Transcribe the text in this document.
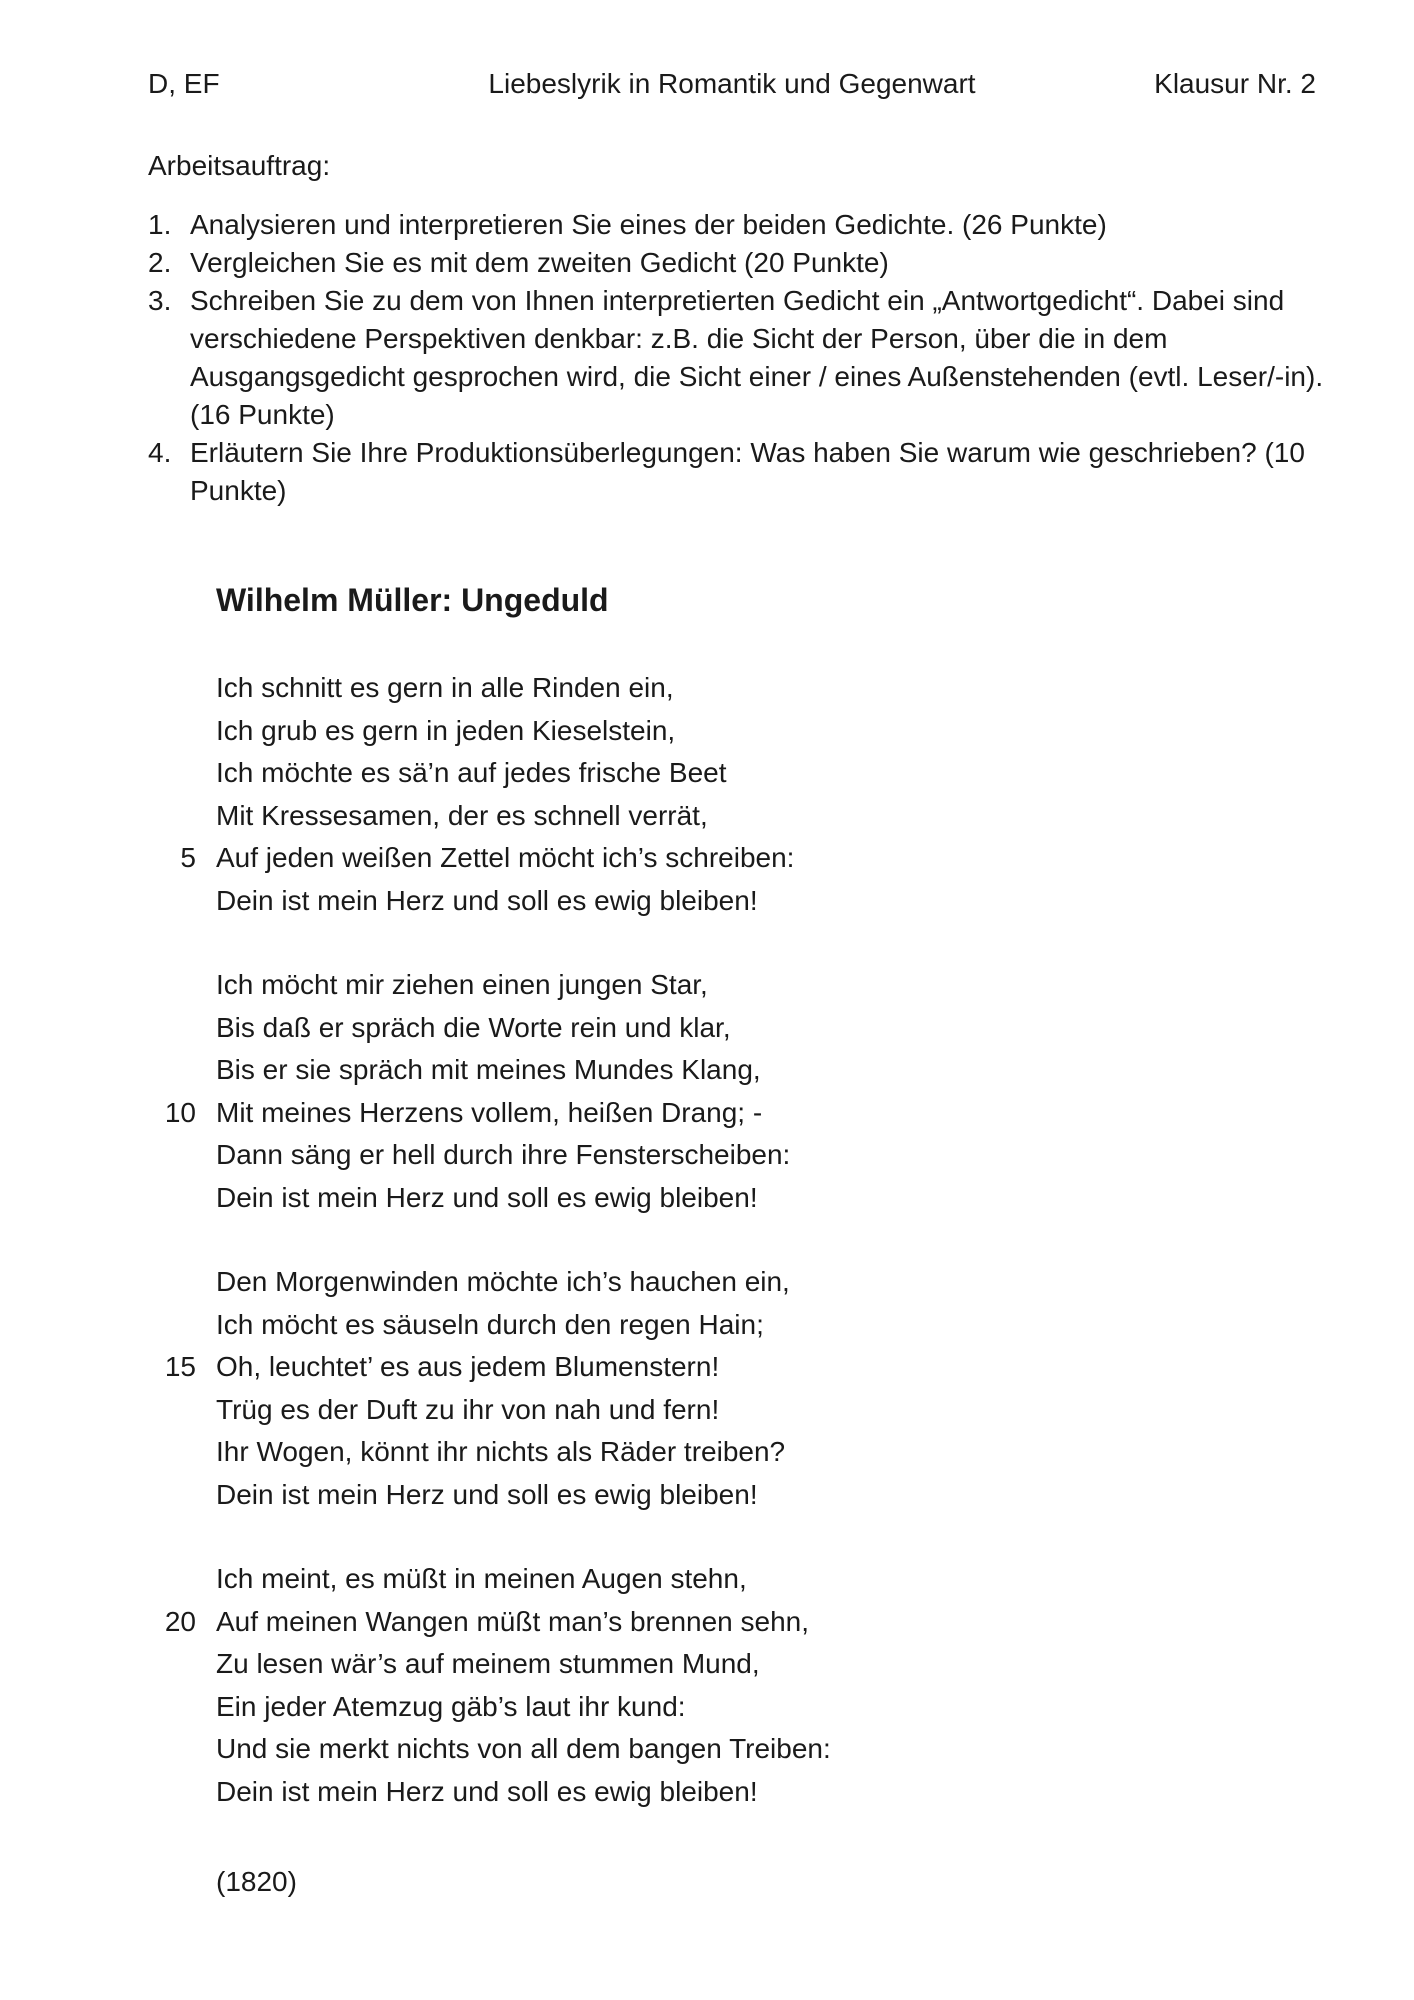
D, EF	Liebeslyrik in Romantik und Gegenwart	Klausur Nr. 2
Arbeitsauftrag:
1. Analysieren und interpretieren Sie eines der beiden Gedichte. (26 Punkte)
2. Vergleichen Sie es mit dem zweiten Gedicht (20 Punkte)
3. Schreiben Sie zu dem von Ihnen interpretierten Gedicht ein „Antwortgedicht“. Dabei sind verschiedene Perspektiven denkbar: z.B. die Sicht der Person, über die in dem Ausgangsgedicht gesprochen wird, die Sicht einer / eines Außenstehenden (evtl. Leser/-in). (16 Punkte)
4. Erläutern Sie Ihre Produktionsüberlegungen: Was haben Sie warum wie geschrieben? (10 Punkte)
Wilhelm Müller: Ungeduld
Ich schnitt es gern in alle Rinden ein,
Ich grub es gern in jeden Kieselstein,
Ich möchte es sä’n auf jedes frische Beet
Mit Kressesamen, der es schnell verrät,
5 Auf jeden weißen Zettel möcht ich’s schreiben:
Dein ist mein Herz und soll es ewig bleiben!
Ich möcht mir ziehen einen jungen Star,
Bis daß er spräch die Worte rein und klar,
Bis er sie spräch mit meines Mundes Klang,
10 Mit meines Herzens vollem, heißen Drang; -
Dann säng er hell durch ihre Fensterscheiben:
Dein ist mein Herz und soll es ewig bleiben!
Den Morgenwinden möchte ich’s hauchen ein,
Ich möcht es säuseln durch den regen Hain;
15 Oh, leuchtet’ es aus jedem Blumenstern!
Trüg es der Duft zu ihr von nah und fern!
Ihr Wogen, könnt ihr nichts als Räder treiben?
Dein ist mein Herz und soll es ewig bleiben!
Ich meint, es müßt in meinen Augen stehn,
20 Auf meinen Wangen müßt man’s brennen sehn,
Zu lesen wär’s auf meinem stummen Mund,
Ein jeder Atemzug gäb’s laut ihr kund:
Und sie merkt nichts von all dem bangen Treiben:
Dein ist mein Herz und soll es ewig bleiben!
(1820)
